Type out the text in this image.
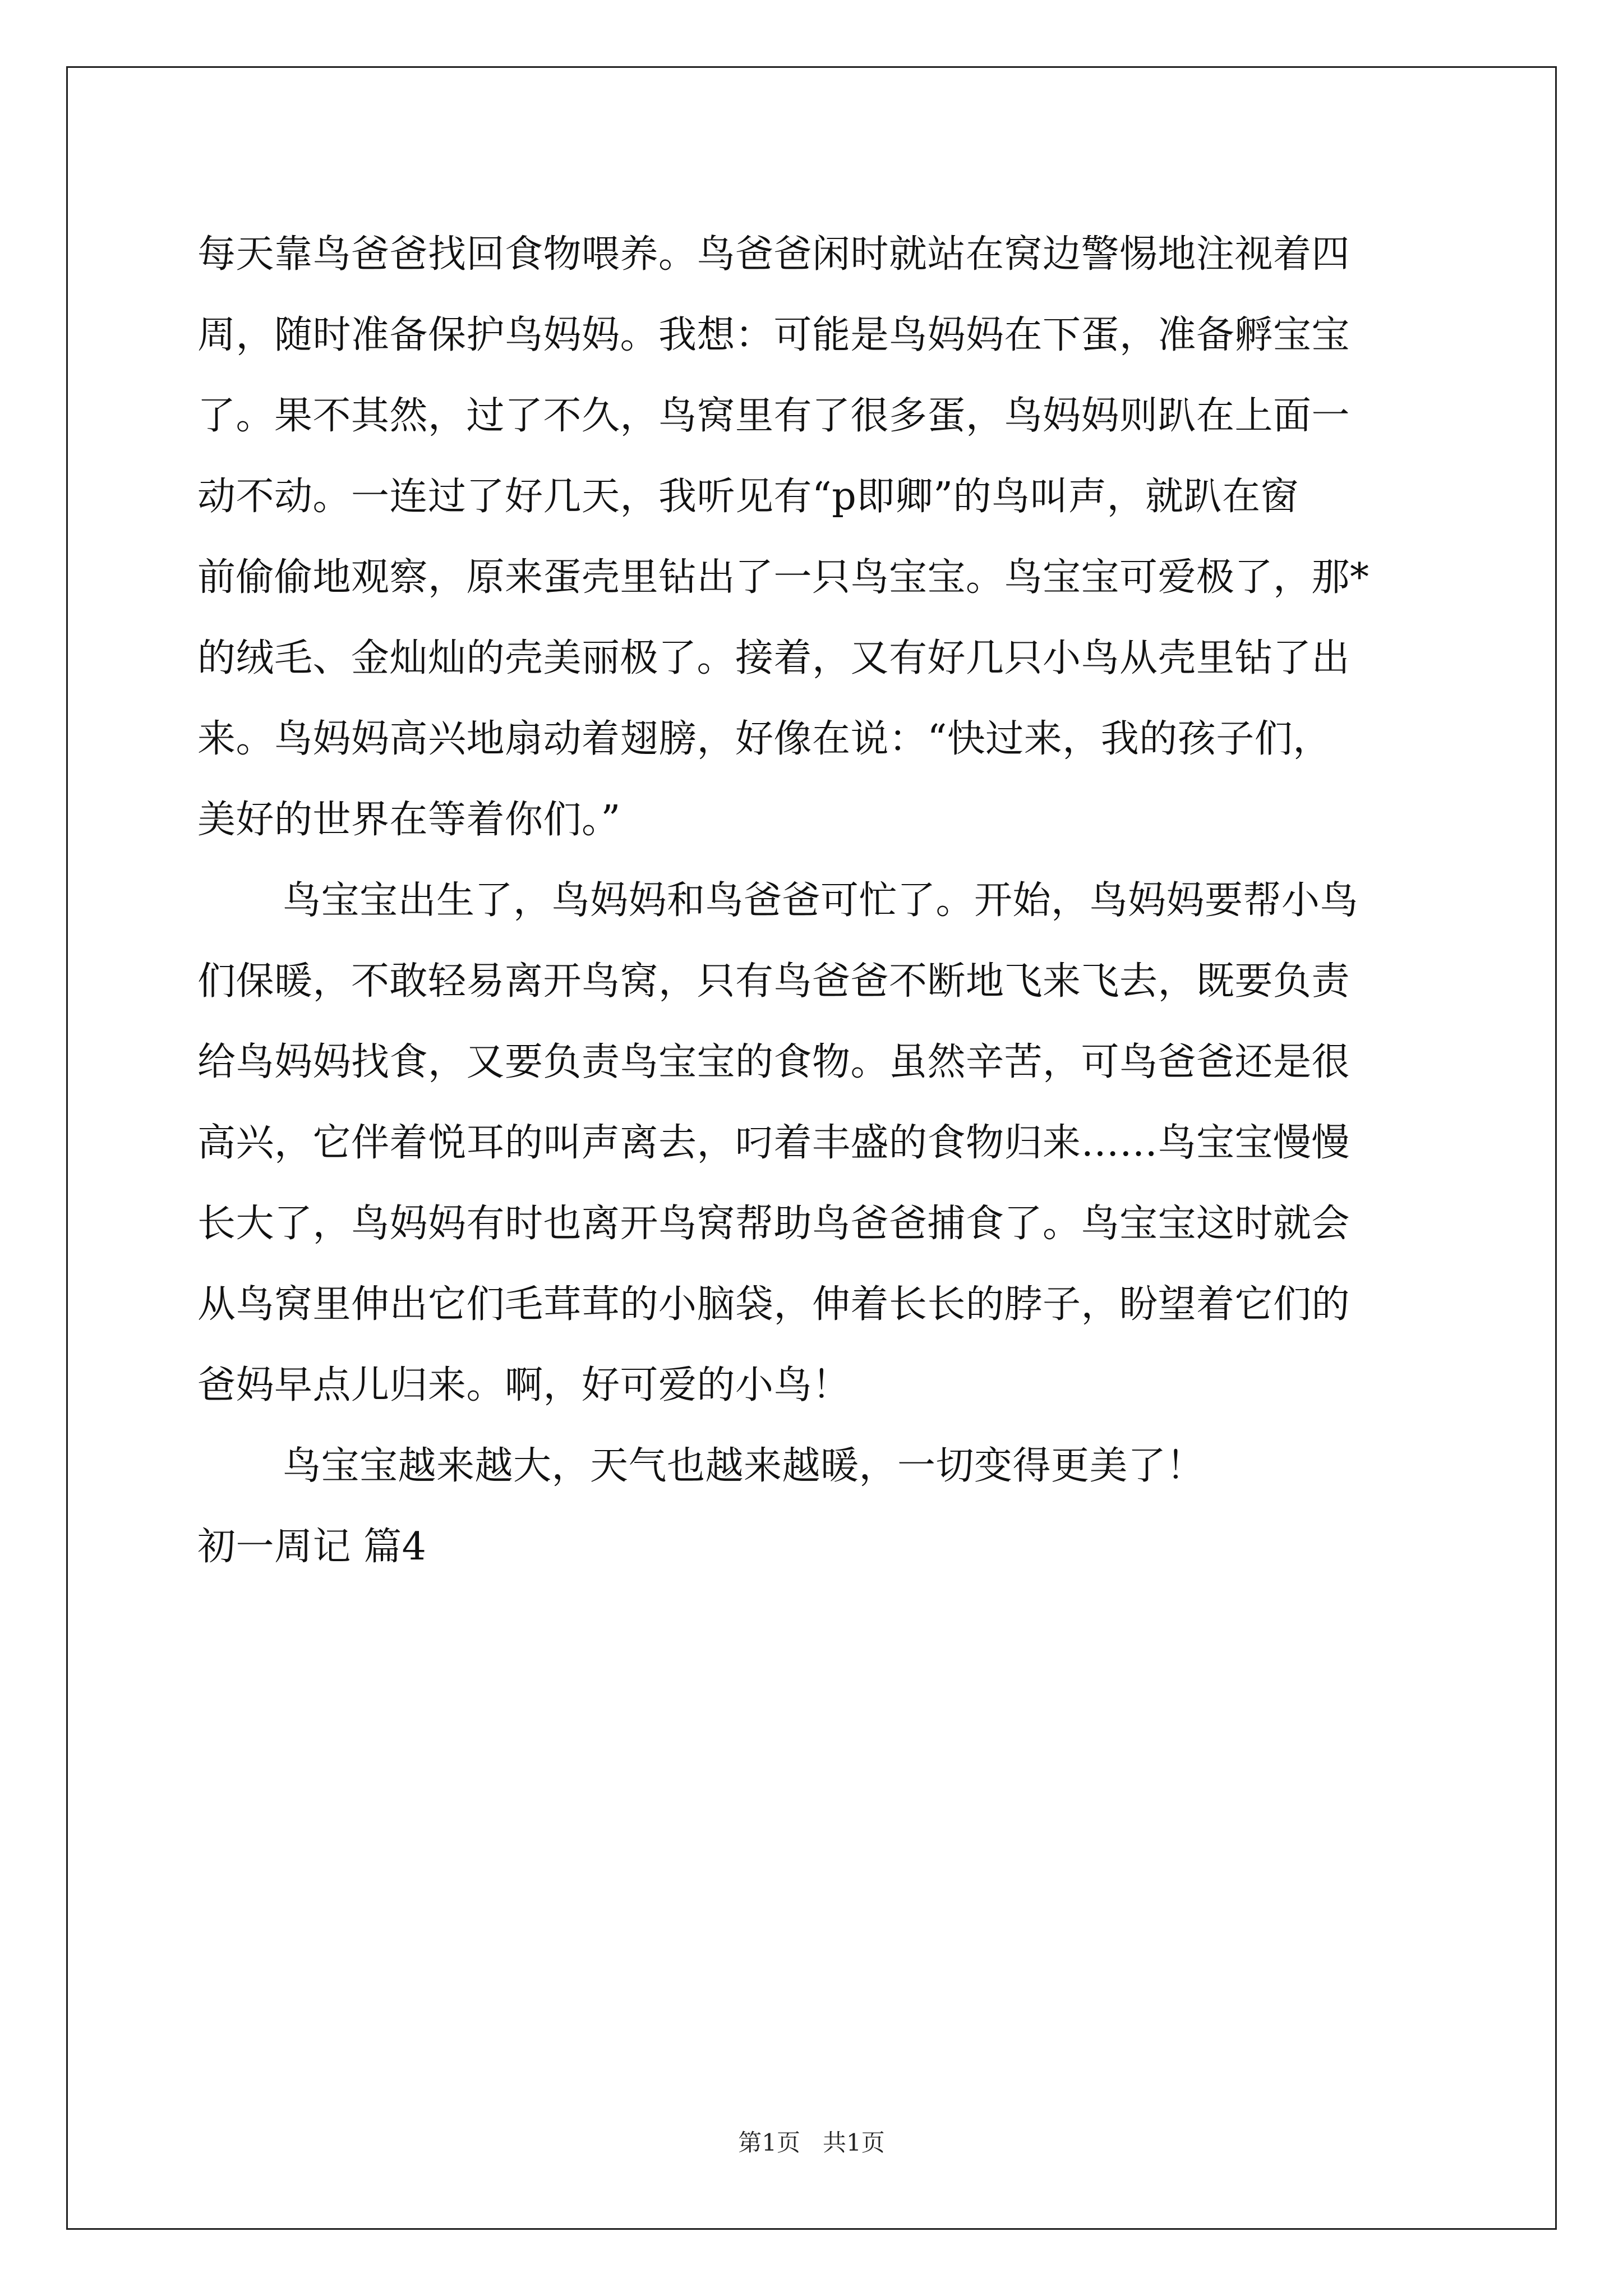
每天靠鸟爸爸找回食物喂养。鸟爸爸闲时就站在窝边警惕地注视着四
周，随时准备保护鸟妈妈。我想：可能是鸟妈妈在下蛋，准备孵宝宝
了。果不其然，过了不久，鸟窝里有了很多蛋，鸟妈妈则趴在上面一
动不动。一连过了好几天，我听见有“p即卿”的鸟叫声，就趴在窗
前偷偷地观察，原来蛋壳里钻出了一只鸟宝宝。鸟宝宝可爱极了，那*
的绒毛、金灿灿的壳美丽极了。接着，又有好几只小鸟从壳里钻了出
来。鸟妈妈高兴地扇动着翅膀，好像在说：“快过来，我的孩子们，
美好的世界在等着你们。”
鸟宝宝出生了，鸟妈妈和鸟爸爸可忙了。开始，鸟妈妈要帮小鸟
们保暖，不敢轻易离开鸟窝，只有鸟爸爸不断地飞来飞去，既要负责
给鸟妈妈找食，又要负责鸟宝宝的食物。虽然辛苦，可鸟爸爸还是很
高兴，它伴着悦耳的叫声离去，叼着丰盛的食物归来……鸟宝宝慢慢
长大了，鸟妈妈有时也离开鸟窝帮助鸟爸爸捕食了。鸟宝宝这时就会
从鸟窝里伸出它们毛茸茸的小脑袋，伸着长长的脖子，盼望着它们的
爸妈早点儿归来。啊，好可爱的小鸟！
鸟宝宝越来越大，天气也越来越暖，一切变得更美了！
初一周记 篇4
第1页 共1页
